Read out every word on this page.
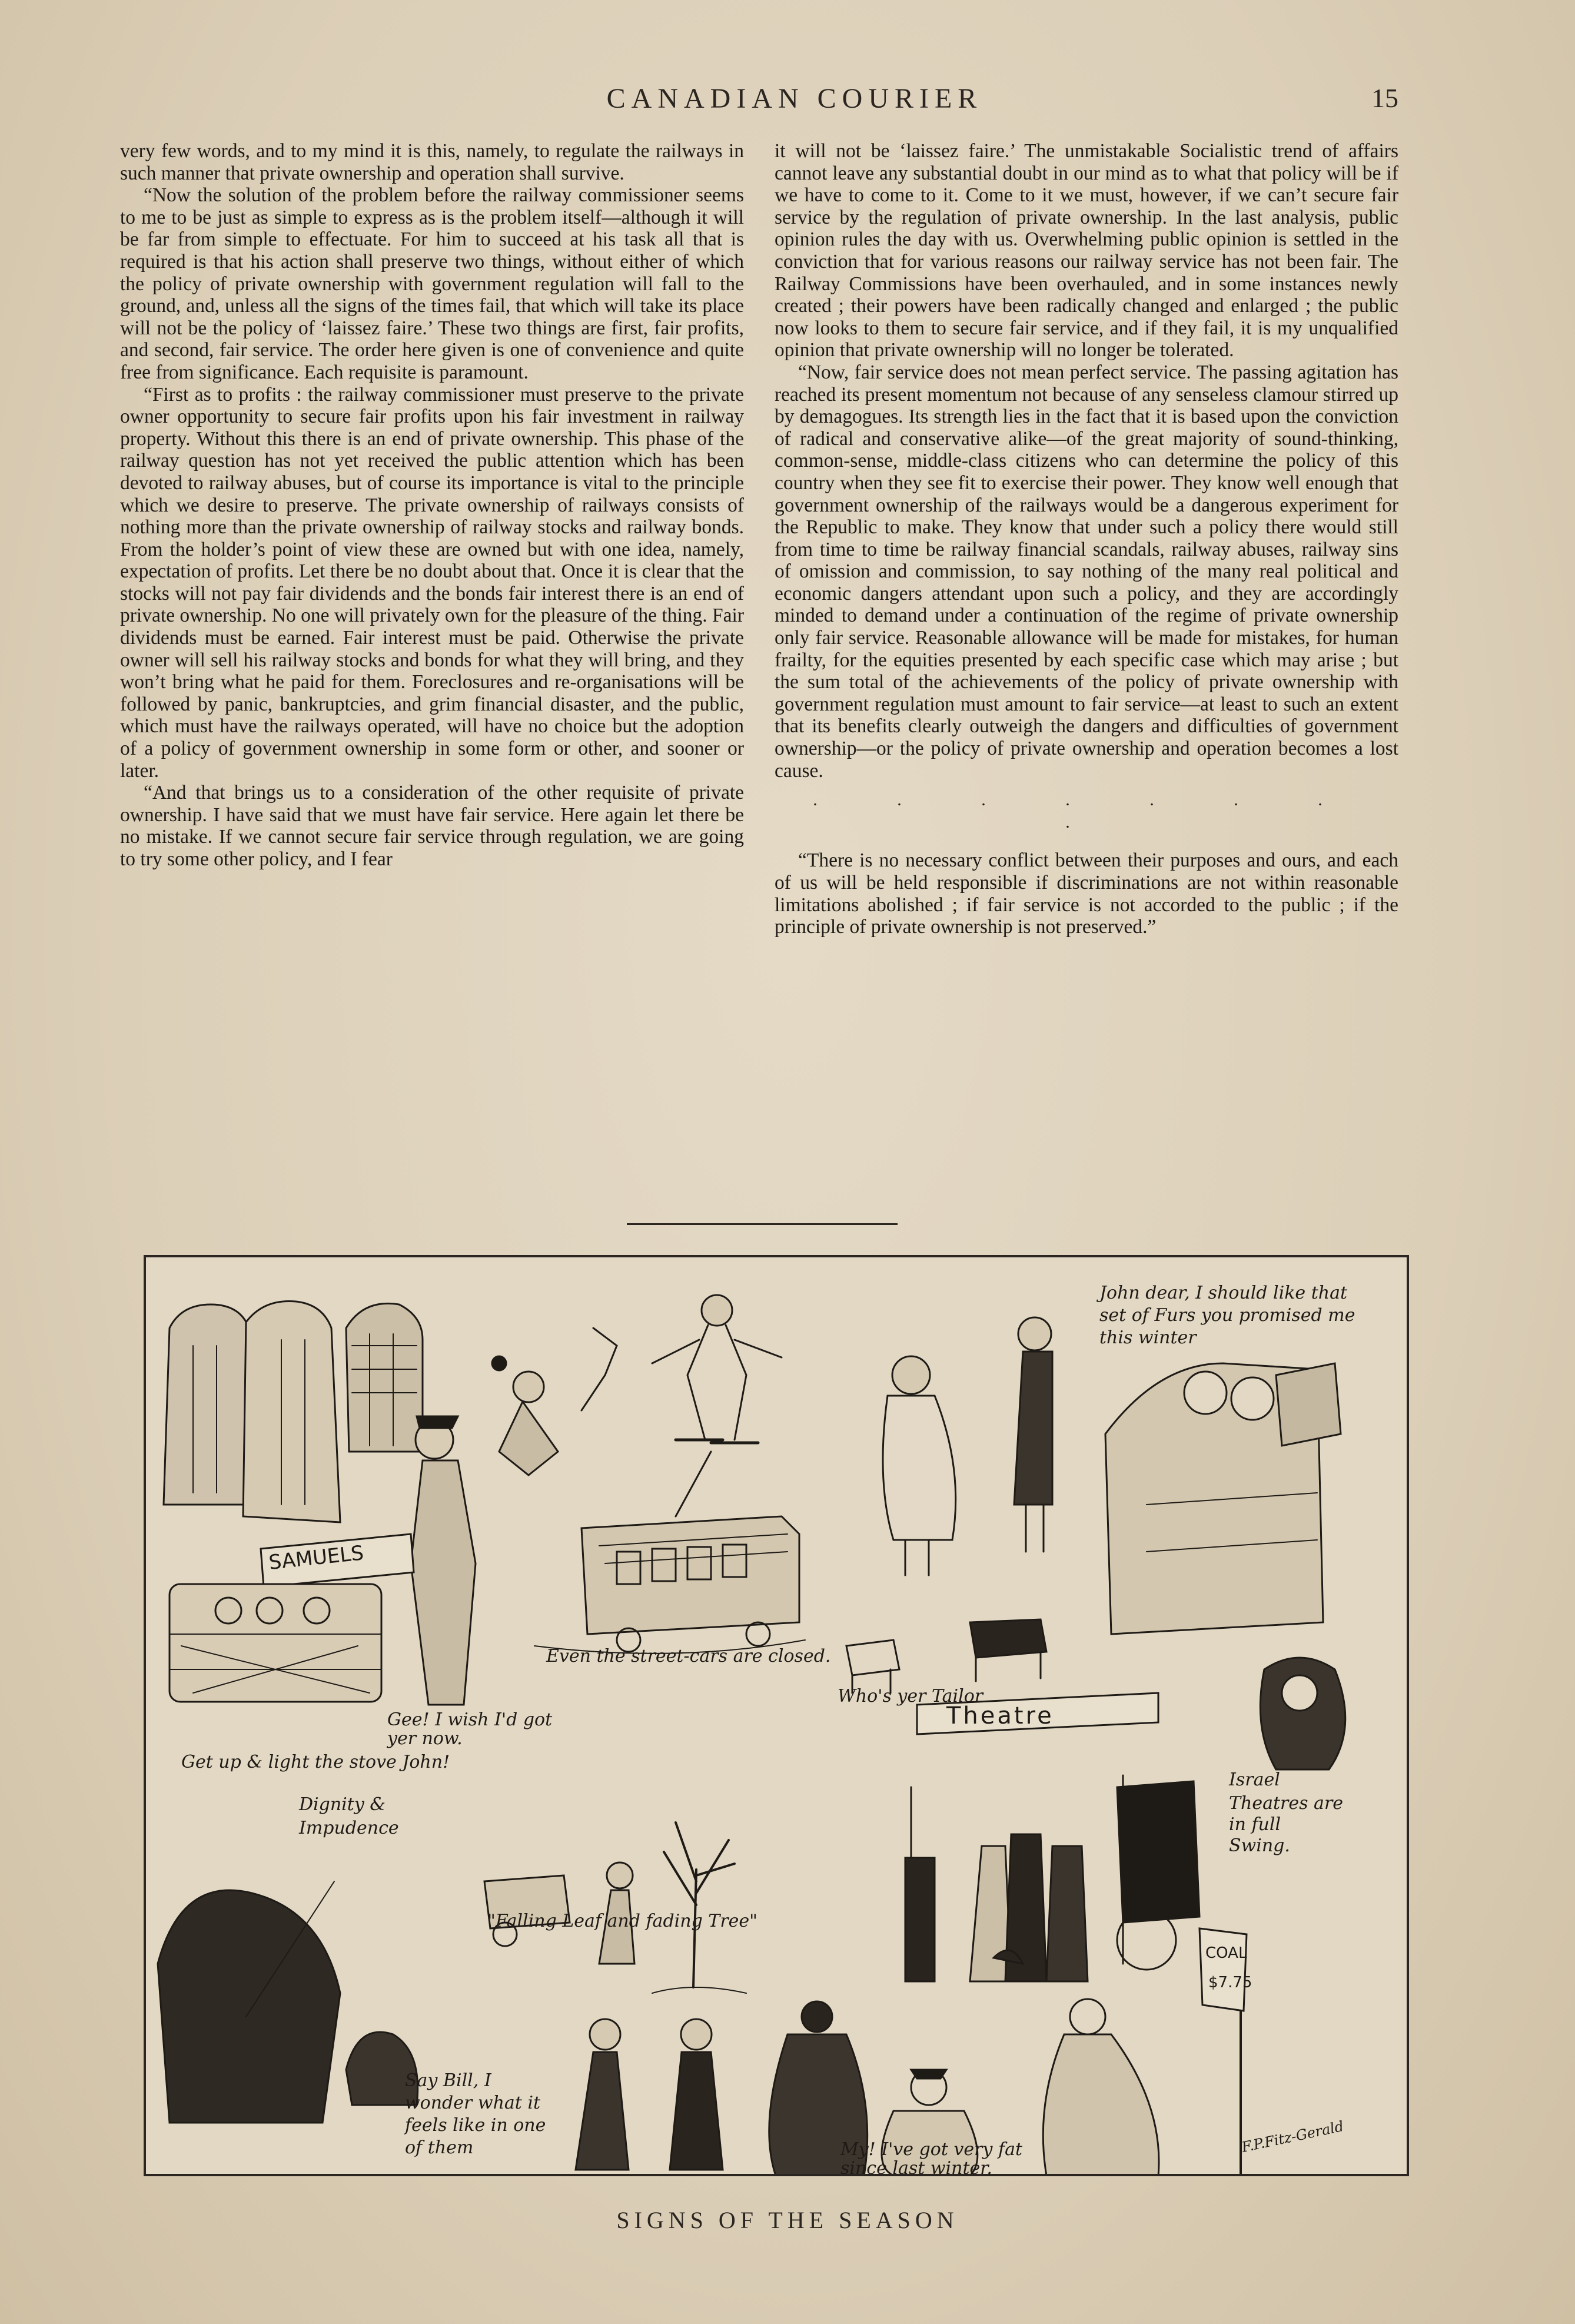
CANADIAN COURIER	15

very few words, and to my mind it is this, namely, to regulate the railways in such manner that private ownership and operation shall survive.

“Now the solution of the problem before the railway commissioner seems to me to be just as simple to express as is the problem itself—although it will be far from simple to effectuate. For him to succeed at his task all that is required is that his action shall preserve two things, without either of which the policy of private ownership with government regulation will fall to the ground, and, unless all the signs of the times fail, that which will take its place will not be the policy of ‘laissez faire.’ These two things are first, fair profits, and second, fair service. The order here given is one of convenience and quite free from significance. Each requisite is paramount.

“First as to profits : the railway commissioner must preserve to the private owner opportunity to secure fair profits upon his fair investment in railway property. Without this there is an end of private ownership. This phase of the railway question has not yet received the public attention which has been devoted to railway abuses, but of course its importance is vital to the principle which we desire to preserve. The private ownership of railways consists of nothing more than the private ownership of railway stocks and railway bonds. From the holder’s point of view these are owned but with one idea, namely, expectation of profits. Let there be no doubt about that. Once it is clear that the stocks will not pay fair dividends and the bonds fair interest there is an end of private ownership. No one will privately own for the pleasure of the thing. Fair dividends must be earned. Fair interest must be paid. Otherwise the private owner will sell his railway stocks and bonds for what they will bring, and they won’t bring what he paid for them. Foreclosures and re-organisations will be followed by panic, bankruptcies, and grim financial disaster, and the public, which must have the railways operated, will have no choice but the adoption of a policy of government ownership in some form or other, and sooner or later.

“And that brings us to a consideration of the other requisite of private ownership. I have said that we must have fair service. Here again let there be no mistake. If we cannot secure fair service through regulation, we are going to try some other policy, and I fear

it will not be ‘laissez faire.’ The unmistakable Socialistic trend of affairs cannot leave any substantial doubt in our mind as to what that policy will be if we have to come to it. Come to it we must, however, if we can’t secure fair service by the regulation of private ownership. In the last analysis, public opinion rules the day with us. Overwhelming public opinion is settled in the conviction that for various reasons our railway service has not been fair. The Railway Commissions have been overhauled, and in some instances newly created ; their powers have been radically changed and enlarged ; the public now looks to them to secure fair service, and if they fail, it is my unqualified opinion that private ownership will no longer be tolerated.

“Now, fair service does not mean perfect service. The passing agitation has reached its present momentum not because of any senseless clamour stirred up by demagogues. Its strength lies in the fact that it is based upon the conviction of radical and conservative alike—of the great majority of sound-thinking, common-sense, middle-class citizens who can determine the policy of this country when they see fit to exercise their power. They know well enough that government ownership of the railways would be a dangerous experiment for the Republic to make. They know that under such a policy there would still from time to time be railway financial scandals, railway abuses, railway sins of omission and commission, to say nothing of the many real political and economic dangers attendant upon such a policy, and they are accordingly minded to demand under a continuation of the regime of private ownership only fair service. Reasonable allowance will be made for mistakes, for human frailty, for the equities presented by each specific case which may arise ; but the sum total of the achievements of the policy of private ownership with government regulation must amount to fair service—at least to such an extent that its benefits clearly outweigh the dangers and difficulties of government ownership—or the policy of private ownership and operation becomes a lost cause.

. . . . . . . .

“There is no necessary conflict between their purposes and ours, and each of us will be held responsible if discriminations are not within reasonable limitations abolished ; if fair service is not accorded to the public ; if the principle of private ownership is not preserved.”

SAMUELS
Theatre
COAL
$7.75
John dear, I should like that set of Furs you promised me this winter
Gee! I wish I'd got yer now.
Get up & light the stove John!
Even the street-cars are closed.
Who's yer Tailor
Israel
Theatres are in full Swing.
Dignity & Impudence
"Falling Leaf and fading Tree"
Say Bill, I wonder what it feels like in one of them	My! I've got very fat since last winter.
F.P.Fitz-Gerald
SIGNS OF THE SEASON
